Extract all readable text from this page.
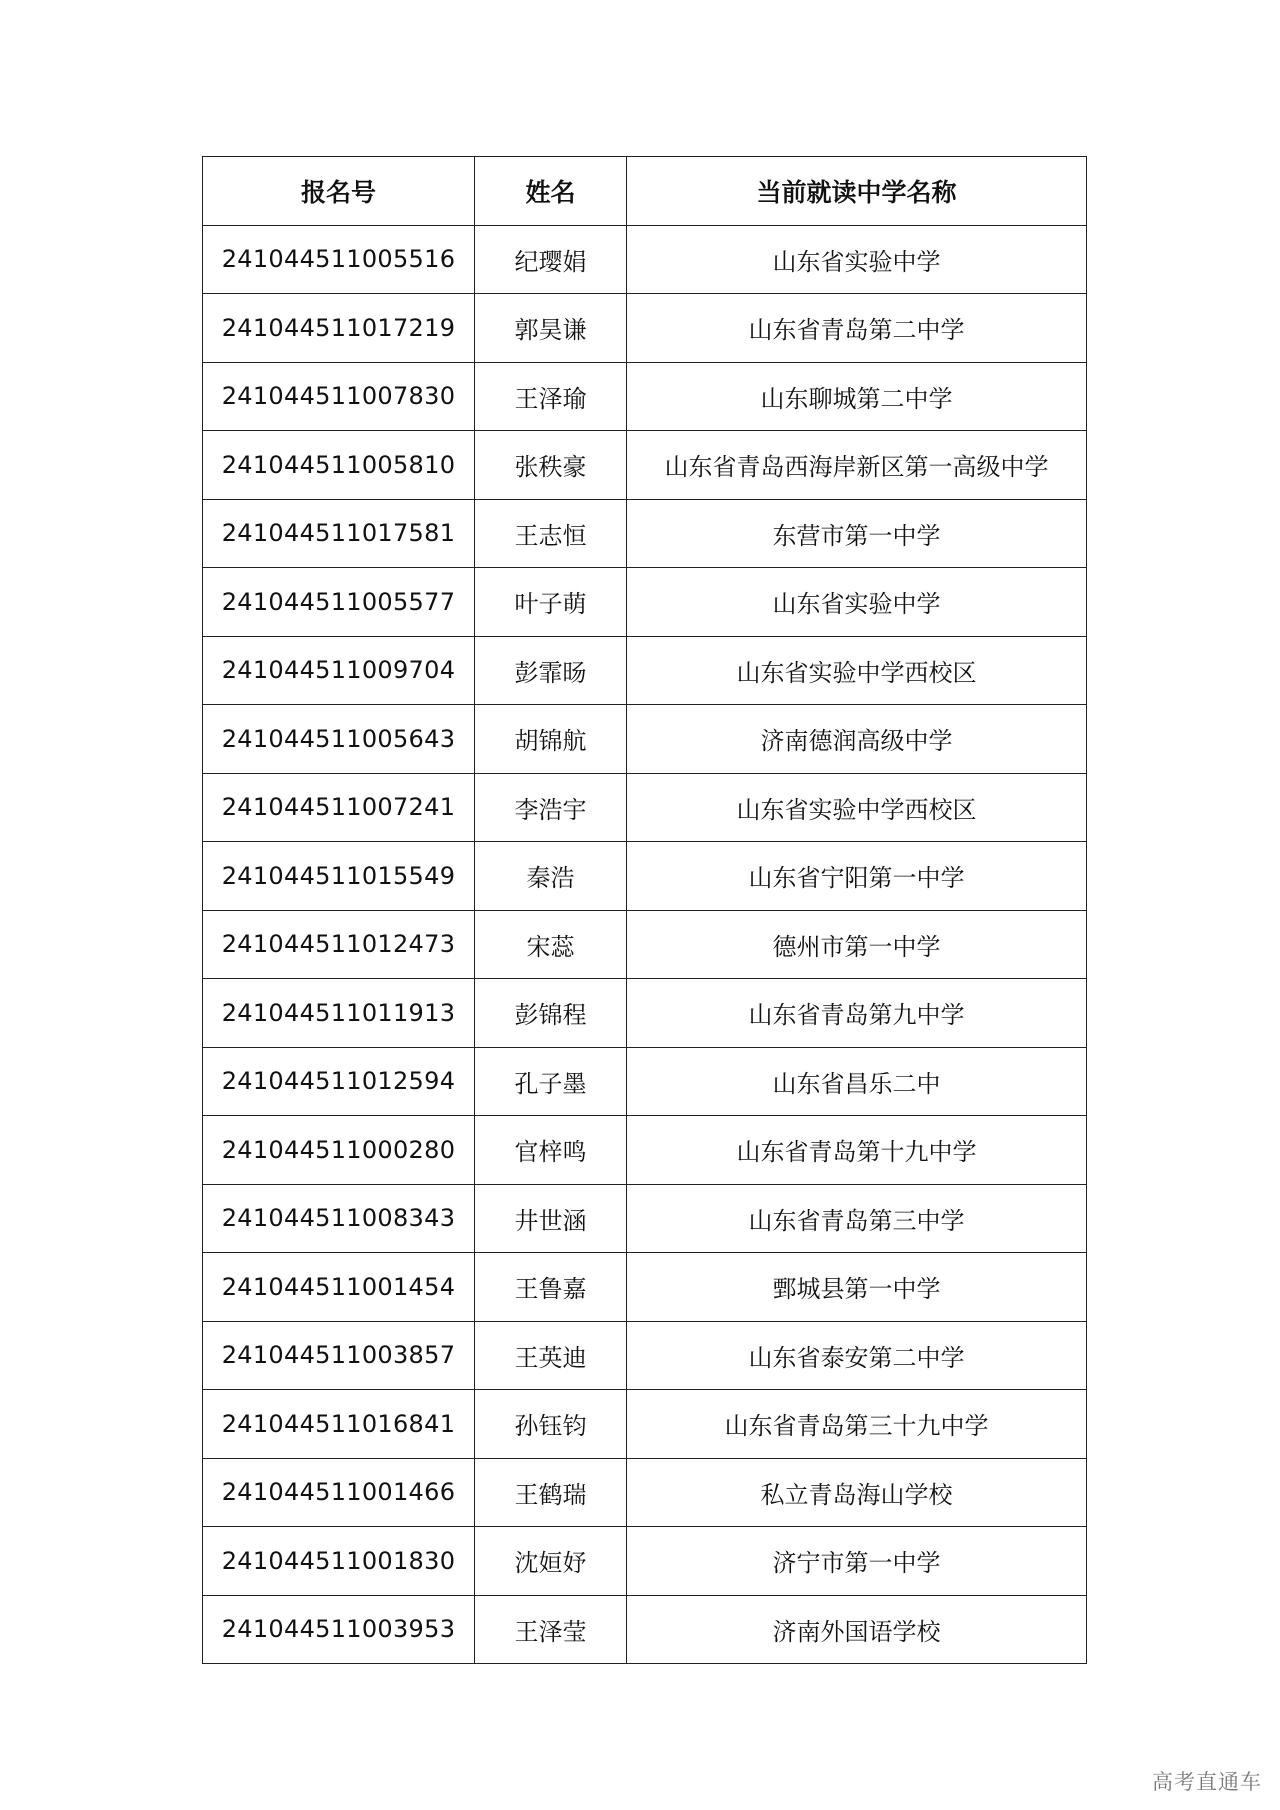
报名号	姓名	当前就读中学名称
241044511005516	纪璎娟	山东省实验中学
241044511017219	郭昊谦	山东省青岛第二中学
241044511007830	王泽瑜	山东聊城第二中学
241044511005810	张秩豪	山东省青岛西海岸新区第一高级中学
241044511017581	王志恒	东营市第一中学
241044511005577	叶子萌	山东省实验中学
241044511009704	彭霏旸	山东省实验中学西校区
241044511005643	胡锦航	济南德润高级中学
241044511007241	李浩宇	山东省实验中学西校区
241044511015549	秦浩	山东省宁阳第一中学
241044511012473	宋蕊	德州市第一中学
241044511011913	彭锦程	山东省青岛第九中学
241044511012594	孔子墨	山东省昌乐二中
241044511000280	官梓鸣	山东省青岛第十九中学
241044511008343	井世涵	山东省青岛第三中学
241044511001454	王鲁嘉	鄄城县第一中学
241044511003857	王英迪	山东省泰安第二中学
241044511016841	孙钰钧	山东省青岛第三十九中学
241044511001466	王鹤瑞	私立青岛海山学校
241044511001830	沈姮妤	济宁市第一中学
241044511003953	王泽莹	济南外国语学校
高考直通车
